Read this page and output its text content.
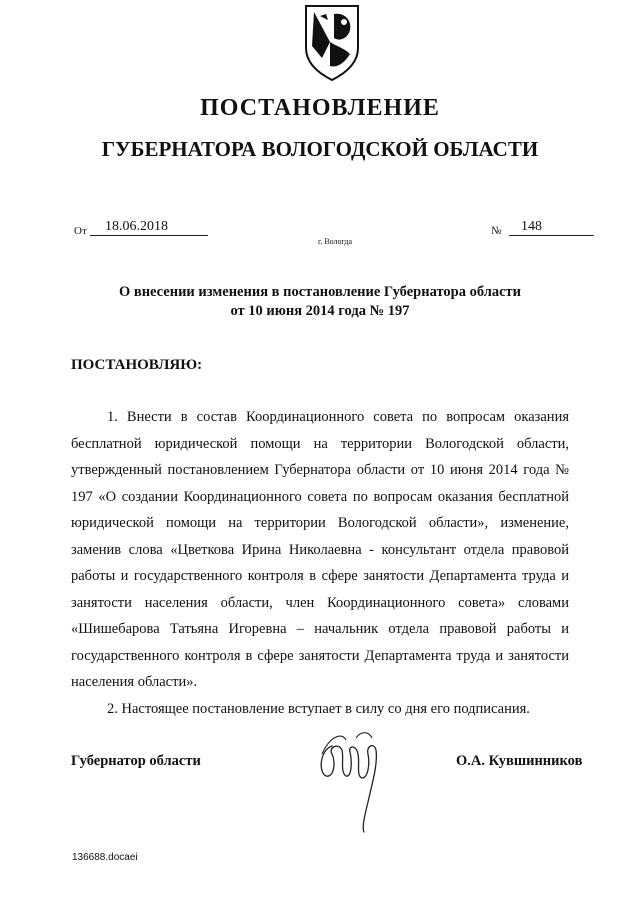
ПОСТАНОВЛЕНИЕ
ГУБЕРНАТОРА ВОЛОГОДСКОЙ ОБЛАСТИ
От 18.06.2018	№ 148
г. Вологда
О внесении изменения в постановление Губернатора области
от 10 июня 2014 года № 197
ПОСТАНОВЛЯЮ:

1. Внести в состав Координационного совета по вопросам оказания бесплатной юридической помощи на территории Вологодской области, утвержденный постановлением Губернатора области от 10 июня 2014 года № 197 «О создании Координационного совета по вопросам оказания бесплатной юридической помощи на территории Вологодской области», изменение, заменив слова «Цветкова Ирина Николаевна - консультант отдела правовой работы и государственного контроля в сфере занятости Департамента труда и занятости населения области, член Координационного совета» словами «Шишебарова Татьяна Игоревна – начальник отдела правовой работы и государственного контроля в сфере занятости Департамента труда и занятости населения области».

2. Настоящее постановление вступает в силу со дня его подписания.

Губернатор области	О.А. Кувшинников
136688.docaei
